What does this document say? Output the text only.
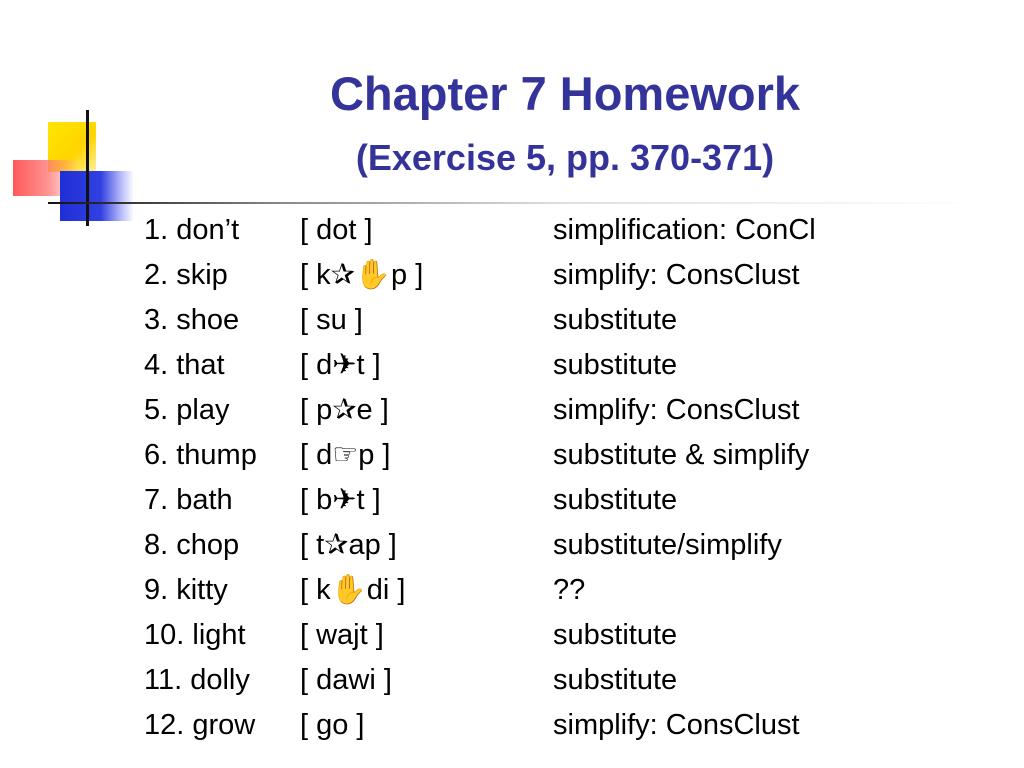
Chapter 7 Homework
(Exercise 5, pp. 370-371)
1. don’t [ dot ]	simplification: ConCl
2. skip [ k✰✋p ]	simplify: ConsClust
3. shoe [ su ]	substitute
4. that	[ d✈t ]	substitute
5. play [ p✰e ]	simplify: ConsClust
6. thump [ d☞p ]	substitute & simplify
7. bath [ b✈t ]	substitute
8. chop [ t✰ap ]	substitute/simplify
9. kitty [ k✋di ]	??
10. light [ wajt ]	substitute
11. dolly [ dawi ]	substitute
12. grow [ go ]	simplify: ConsClust
